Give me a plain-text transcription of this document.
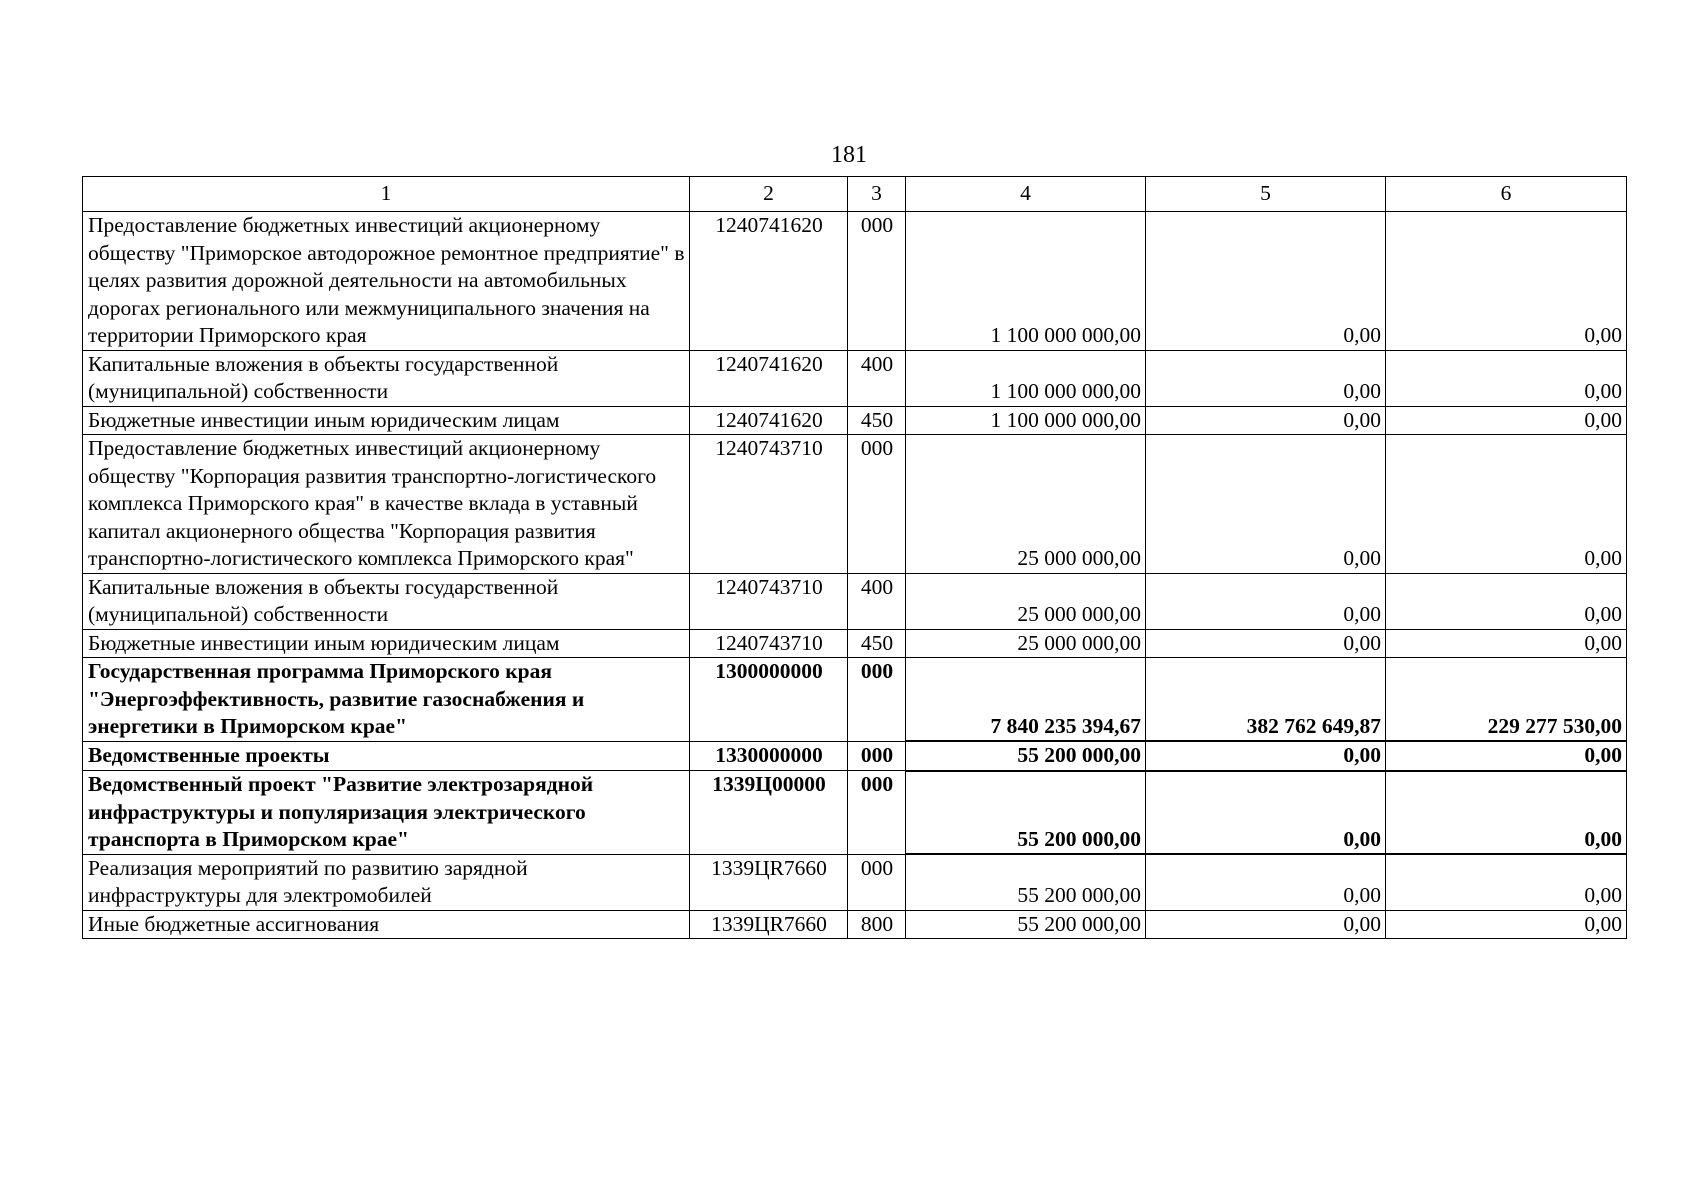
181
1	2	3	4	5	6
Предоставление бюджетных инвестиций акционерному обществу "Приморское автодорожное ремонтное предприятие" в целях развития дорожной деятельности на автомобильных дорогах регионального или межмуниципального значения на территории Приморского края	1240741620	000	1 100 000 000,00	0,00	0,00
Капитальные вложения в объекты государственной (муниципальной) собственности	1240741620	400	1 100 000 000,00	0,00	0,00
Бюджетные инвестиции иным юридическим лицам	1240741620	450	1 100 000 000,00	0,00	0,00
Предоставление бюджетных инвестиций акционерному обществу "Корпорация развития транспортно-логистического комплекса Приморского края" в качестве вклада в уставный капитал акционерного общества "Корпорация развития транспортно-логистического комплекса Приморского края"	1240743710	000	25 000 000,00	0,00	0,00
Капитальные вложения в объекты государственной (муниципальной) собственности	1240743710	400	25 000 000,00	0,00	0,00
Бюджетные инвестиции иным юридическим лицам	1240743710	450	25 000 000,00	0,00	0,00
Государственная программа Приморского края "Энергоэффективность, развитие газоснабжения и энергетики в Приморском крае"	1300000000	000	7 840 235 394,67	382 762 649,87	229 277 530,00
Ведомственные проекты	1330000000	000	55 200 000,00	0,00	0,00
Ведомственный проект "Развитие электрозарядной инфраструктуры и популяризация электрического транспорта в Приморском крае"	1339Ц00000	000	55 200 000,00	0,00	0,00
Реализация мероприятий по развитию зарядной инфраструктуры для электромобилей	1339ЦR7660	000	55 200 000,00	0,00	0,00
Иные бюджетные ассигнования	1339ЦR7660	800	55 200 000,00	0,00	0,00
